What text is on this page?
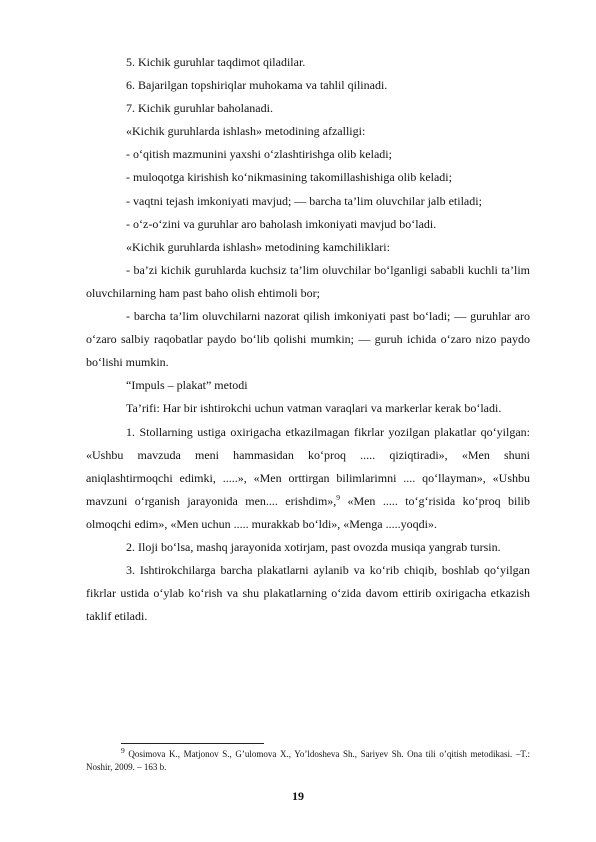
5. Kichik guruhlar taqdimot qiladilar.

6. Bajarilgan topshiriqlar muhokama va tahlil qilinadi.

7. Kichik guruhlar baholanadi.

«Kichik guruhlarda ishlash» metodining afzalligi:

- o‘qitish mazmunini yaxshi o‘zlashtirishga olib keladi;

- muloqotga kirishish ko‘nikmasining takomillashishiga olib keladi;

- vaqtni tejash imkoniyati mavjud; — barcha ta’lim oluvchilar jalb etiladi;

- o‘z-o‘zini va guruhlar aro baholash imkoniyati mavjud bo‘ladi.

«Kichik guruhlarda ishlash» metodining kamchiliklari:

- ba’zi kichik guruhlarda kuchsiz ta’lim oluvchilar bo‘lganligi sababli kuchli ta’lim oluvchilarning ham past baho olish ehtimoli bor;

- barcha ta’lim oluvchilarni nazorat qilish imkoniyati past bo‘ladi; — guruhlar aro o‘zaro salbiy raqobatlar paydo bo‘lib qolishi mumkin; — guruh ichida o‘zaro nizo paydo bo‘lishi mumkin.

“Impuls – plakat” metodi

Ta’rifi: Har bir ishtirokchi uchun vatman varaqlari va markerlar kerak bo‘ladi.

1. Stollarning ustiga oxirigacha etkazilmagan fikrlar yozilgan plakatlar qo‘yilgan: «Ushbu mavzuda meni hammasidan ko‘proq ..... qiziqtiradi», «Men shuni aniqlashtirmoqchi edimki, .....», «Men orttirgan bilimlarimni .... qo‘llayman», «Ushbu mavzuni o‘rganish jarayonida men.... erishdim»,$^9$ «Men ..... to‘g‘risida ko‘proq bilib olmoqchi edim», «Men uchun ..... murakkab bo‘ldi», «Menga .....yoqdi».

2. Iloji bo‘lsa, mashq jarayonida xotirjam, past ovozda musiqa yangrab tursin.

3. Ishtirokchilarga barcha plakatlarni aylanib va ko‘rib chiqib, boshlab qo‘yilgan fikrlar ustida o‘ylab ko‘rish va shu plakatlarning o‘zida davom ettirib oxirigacha etkazish taklif etiladi.

$^9$ Qosimova K., Matjonov S., G’ulomova X., Yo’ldosheva Sh., Sariyev Sh. Ona tili o’qitish metodikasi. –T.: Noshir, 2009. – 163 b.
19
